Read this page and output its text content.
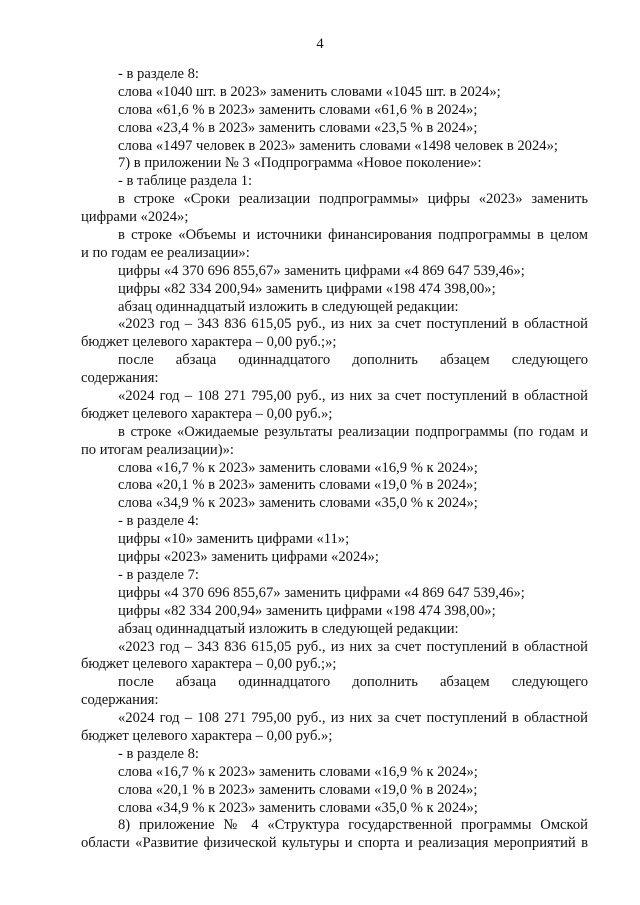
4
- в разделе 8:
слова «1040 шт. в 2023» заменить словами «1045 шт. в 2024»;
слова «61,6 % в 2023» заменить словами «61,6 % в 2024»;
слова «23,4 % в 2023» заменить словами «23,5 % в 2024»;
слова «1497 человек в 2023» заменить словами «1498 человек в 2024»;
7) в приложении № 3 «Подпрограмма «Новое поколение»:
- в таблице раздела 1:
в строке «Сроки реализации подпрограммы» цифры «2023» заменить
цифрами «2024»;
в строке «Объемы и источники финансирования подпрограммы в целом
и по годам ее реализации»:
цифры «4 370 696 855,67» заменить цифрами «4 869 647 539,46»;
цифры «82 334 200,94» заменить цифрами «198 474 398,00»;
абзац одиннадцатый изложить в следующей редакции:
«2023 год – 343 836 615,05 руб., из них за счет поступлений в областной
бюджет целевого характера – 0,00 руб.;»;
после абзаца одиннадцатого дополнить абзацем следующего
содержания:
«2024 год – 108 271 795,00 руб., из них за счет поступлений в областной
бюджет целевого характера – 0,00 руб.»;
в строке «Ожидаемые результаты реализации подпрограммы (по годам и
по итогам реализации)»:
слова «16,7 % к 2023» заменить словами «16,9 % к 2024»;
слова «20,1 % в 2023» заменить словами «19,0 % в 2024»;
слова «34,9 % к 2023» заменить словами «35,0 % к 2024»;
- в разделе 4:
цифры «10» заменить цифрами «11»;
цифры «2023» заменить цифрами «2024»;
- в разделе 7:
цифры «4 370 696 855,67» заменить цифрами «4 869 647 539,46»;
цифры «82 334 200,94» заменить цифрами «198 474 398,00»;
абзац одиннадцатый изложить в следующей редакции:
«2023 год – 343 836 615,05 руб., из них за счет поступлений в областной
бюджет целевого характера – 0,00 руб.;»;
после абзаца одиннадцатого дополнить абзацем следующего
содержания:
«2024 год – 108 271 795,00 руб., из них за счет поступлений в областной
бюджет целевого характера – 0,00 руб.»;
- в разделе 8:
слова «16,7 % к 2023» заменить словами «16,9 % к 2024»;
слова «20,1 % в 2023» заменить словами «19,0 % в 2024»;
слова «34,9 % к 2023» заменить словами «35,0 % к 2024»;
8) приложение № 4 «Структура государственной программы Омской
области «Развитие физической культуры и спорта и реализация мероприятий в
